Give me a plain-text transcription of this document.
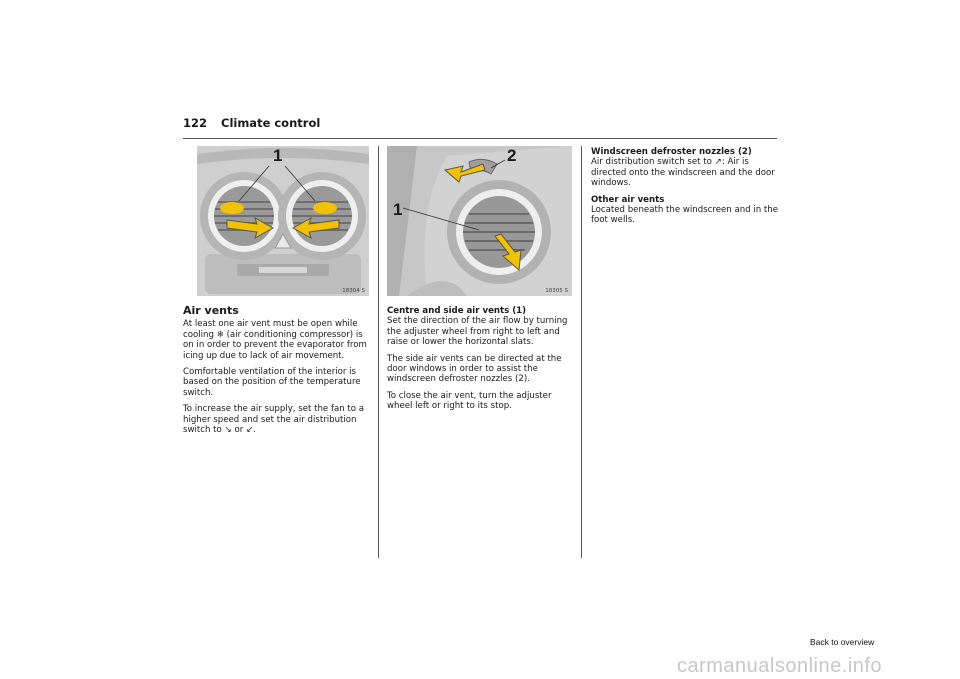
122 Climate control
1
18304 S
2
1
18305 S
Air vents

At least one air vent must be open while cooling ❄ (air conditioning compressor) is on in order to prevent the evaporator from icing up due to lack of air movement.

Comfortable ventilation of the interior is based on the position of the temperature switch.

To increase the air supply, set the fan to a higher speed and set the air distribution switch to ↘ or ↙.

Centre and side air vents (1)

Set the direction of the air flow by turning the adjuster wheel from right to left and raise or lower the horizontal slats.

The side air vents can be directed at the door windows in order to assist the windscreen defroster nozzles (2).

To close the air vent, turn the adjuster wheel left or right to its stop.

Windscreen defroster nozzles (2)

Air distribution switch set to ↗: Air is directed onto the windscreen and the door windows.

Other air vents

Located beneath the windscreen and in the foot wells.

Back to overview
carmanualsonline.info
